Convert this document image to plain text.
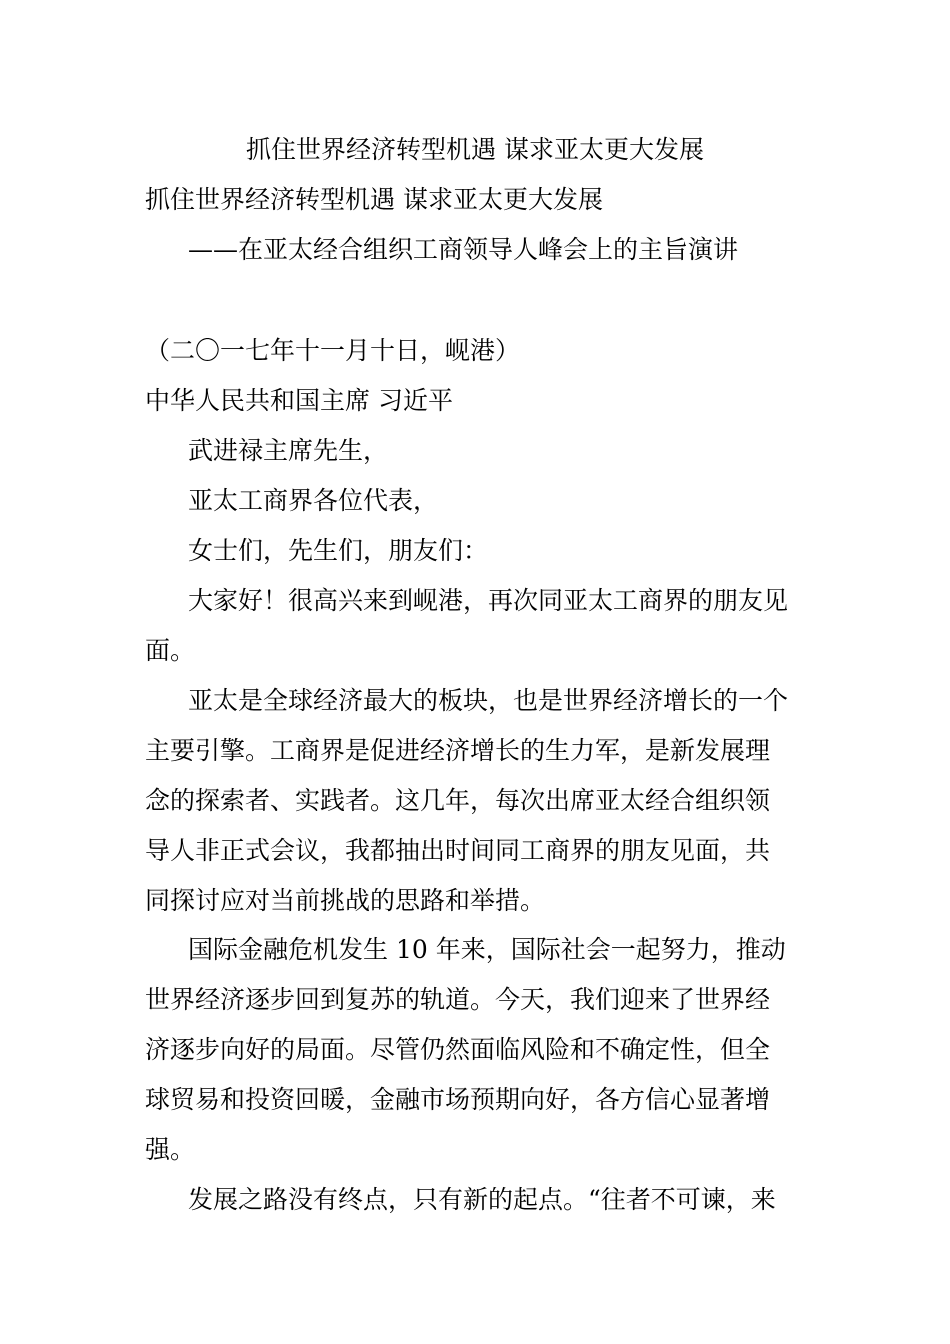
抓住世界经济转型机遇 谋求亚太更大发展
抓住世界经济转型机遇 谋求亚太更大发展
——在亚太经合组织工商领导人峰会上的主旨演讲
（二〇一七年十一月十日，岘港）
中华人民共和国主席 习近平
武进禄主席先生，
亚太工商界各位代表，
女士们，先生们，朋友们：
大家好！很高兴来到岘港，再次同亚太工商界的朋友见
面。
亚太是全球经济最大的板块，也是世界经济增长的一个
主要引擎。工商界是促进经济增长的生力军，是新发展理
念的探索者、实践者。这几年，每次出席亚太经合组织领
导人非正式会议，我都抽出时间同工商界的朋友见面，共
同探讨应对当前挑战的思路和举措。
国际金融危机发生 10 年来，国际社会一起努力，推动
世界经济逐步回到复苏的轨道。今天，我们迎来了世界经
济逐步向好的局面。尽管仍然面临风险和不确定性，但全
球贸易和投资回暖，金融市场预期向好，各方信心显著增
强。
发展之路没有终点，只有新的起点。“往者不可谏，来
